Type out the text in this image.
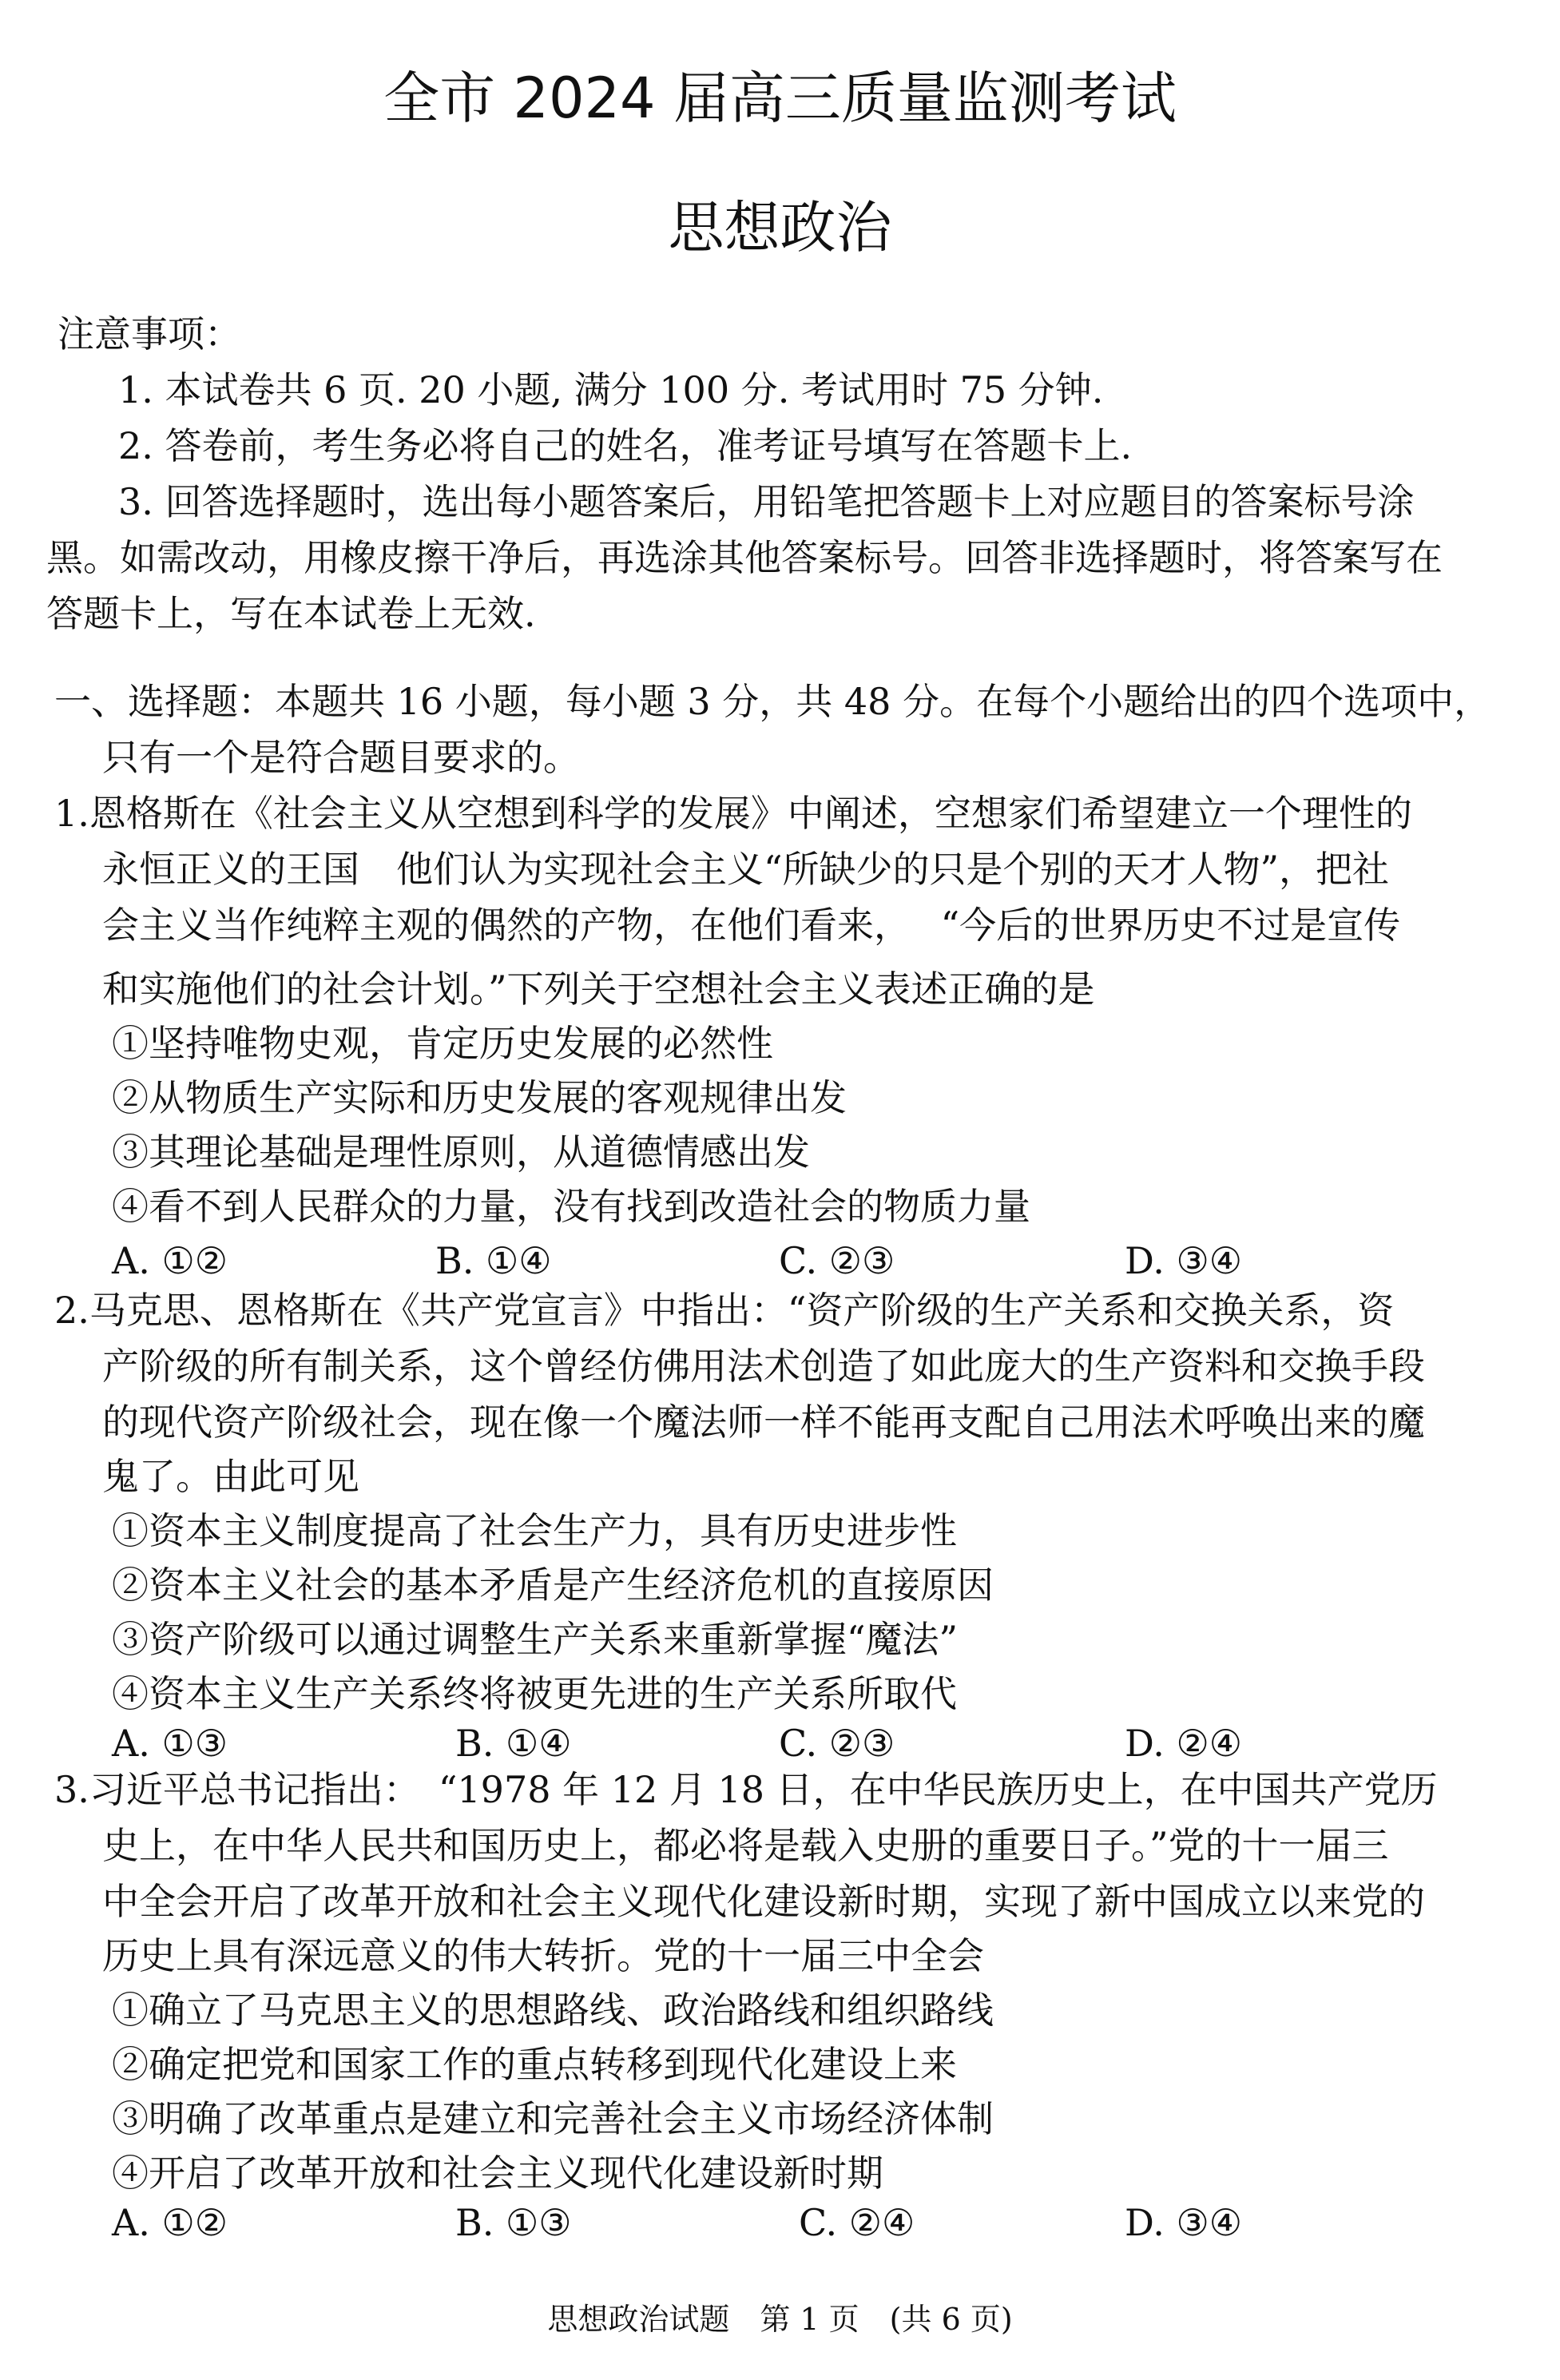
全市 2024 届高三质量监测考试
思想政治
注意事项：
1. 本试卷共 6 页. 20 小题, 满分 100 分. 考试用时 75 分钟.
2. 答卷前，考生务必将自己的姓名，准考证号填写在答题卡上.
3. 回答选择题时，选出每小题答案后，用铅笔把答题卡上对应题目的答案标号涂
黑。如需改动，用橡皮擦干净后，再选涂其他答案标号。回答非选择题时，将答案写在
答题卡上，写在本试卷上无效.
一、选择题：本题共 16 小题，每小题 3 分，共 48 分。在每个小题给出的四个选项中，
只有一个是符合题目要求的。
1.恩格斯在《社会主义从空想到科学的发展》中阐述，空想家们希望建立一个理性的
永恒正义的王国　他们认为实现社会主义“所缺少的只是个别的天才人物”，把社
会主义当作纯粹主观的偶然的产物，在他们看来，　 “今后的世界历史不过是宣传
和实施他们的社会计划。”下列关于空想社会主义表述正确的是
①坚持唯物史观，肯定历史发展的必然性
②从物质生产实际和历史发展的客观规律出发
③其理论基础是理性原则，从道德情感出发
④看不到人民群众的力量，没有找到改造社会的物质力量
A. ①②	B. ①④	C. ②③	D. ③④
2.马克思、恩格斯在《共产党宣言》中指出：“资产阶级的生产关系和交换关系，资
产阶级的所有制关系，这个曾经仿佛用法术创造了如此庞大的生产资料和交换手段
的现代资产阶级社会，现在像一个魔法师一样不能再支配自己用法术呼唤出来的魔
鬼了。由此可见
①资本主义制度提高了社会生产力，具有历史进步性
②资本主义社会的基本矛盾是产生经济危机的直接原因
③资产阶级可以通过调整生产关系来重新掌握“魔法”
④资本主义生产关系终将被更先进的生产关系所取代
A. ①③	B. ①④	C. ②③	D. ②④
3.习近平总书记指出：　“1978 年 12 月 18 日，在中华民族历史上，在中国共产党历
史上，在中华人民共和国历史上，都必将是载入史册的重要日子。”党的十一届三
中全会开启了改革开放和社会主义现代化建设新时期，实现了新中国成立以来党的
历史上具有深远意义的伟大转折。党的十一届三中全会
①确立了马克思主义的思想路线、政治路线和组织路线
②确定把党和国家工作的重点转移到现代化建设上来
③明确了改革重点是建立和完善社会主义市场经济体制
④开启了改革开放和社会主义现代化建设新时期
A. ①②	B. ①③	C. ②④	D. ③④
思想政治试题　第 1 页　(共 6 页)
